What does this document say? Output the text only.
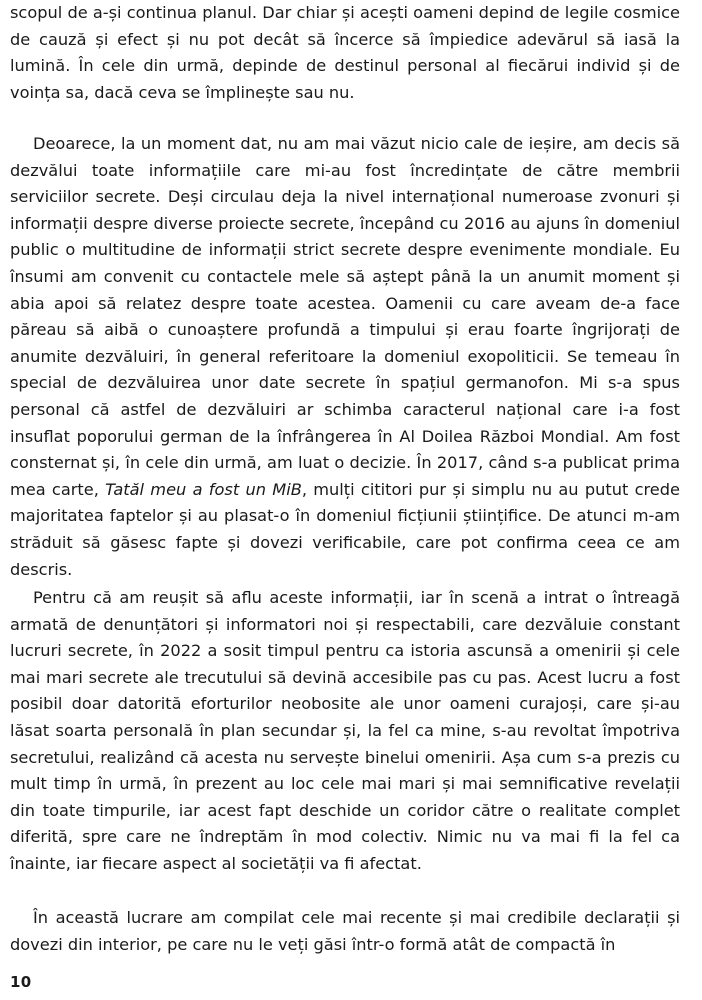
scopul de a-și continua planul. Dar chiar și acești oameni depind de legile cosmice de cauză și efect și nu pot decât să încerce să împiedice adevărul să iasă la lumină. În cele din urmă, depinde de destinul personal al fiecărui individ și de voința sa, dacă ceva se împlinește sau nu.

Deoarece, la un moment dat, nu am mai văzut nicio cale de ieșire, am decis să dezvălui toate informațiile care mi-au fost încredințate de către membrii serviciilor secrete. Deși circulau deja la nivel internațional numeroase zvonuri și informații despre diverse proiecte secrete, începând cu 2016 au ajuns în domeniul public o multitudine de informații strict secrete despre evenimente mondiale. Eu însumi am convenit cu contactele mele să aștept până la un anumit moment și abia apoi să relatez despre toate acestea. Oamenii cu care aveam de-a face păreau să aibă o cunoaștere profundă a timpului și erau foarte îngrijorați de anumite dezvăluiri, în general referitoare la domeniul exopoliticii. Se temeau în special de dezvăluirea unor date secrete în spațiul germanofon. Mi s-a spus personal că astfel de dezvăluiri ar schimba caracterul național care i-a fost insuflat poporului german de la înfrângerea în Al Doilea Război Mondial. Am fost consternat și, în cele din urmă, am luat o decizie. În 2017, când s-a publicat prima mea carte, Tatăl meu a fost un MiB, mulți cititori pur și simplu nu au putut crede majoritatea faptelor și au plasat-o în domeniul ficțiunii științifice. De atunci m-am străduit să găsesc fapte și dovezi verificabile, care pot confirma ceea ce am descris.

Pentru că am reușit să aflu aceste informații, iar în scenă a intrat o întreagă armată de denunțători și informatori noi și respectabili, care dezvăluie constant lucruri secrete, în 2022 a sosit timpul pentru ca istoria ascunsă a omenirii și cele mai mari secrete ale trecutului să devină accesibile pas cu pas. Acest lucru a fost posibil doar datorită eforturilor neobosite ale unor oameni curajoși, care și-au lăsat soarta personală în plan secundar și, la fel ca mine, s-au revoltat împotriva secretului, realizând că acesta nu servește binelui omenirii. Așa cum s-a prezis cu mult timp în urmă, în prezent au loc cele mai mari și mai semnificative revelații din toate timpurile, iar acest fapt deschide un coridor către o realitate complet diferită, spre care ne îndreptăm în mod colectiv. Nimic nu va mai fi la fel ca înainte, iar fiecare aspect al societății va fi afectat.

În această lucrare am compilat cele mai recente și mai credibile declarații și dovezi din interior, pe care nu le veți găsi într-o formă atât de compactă în

10
